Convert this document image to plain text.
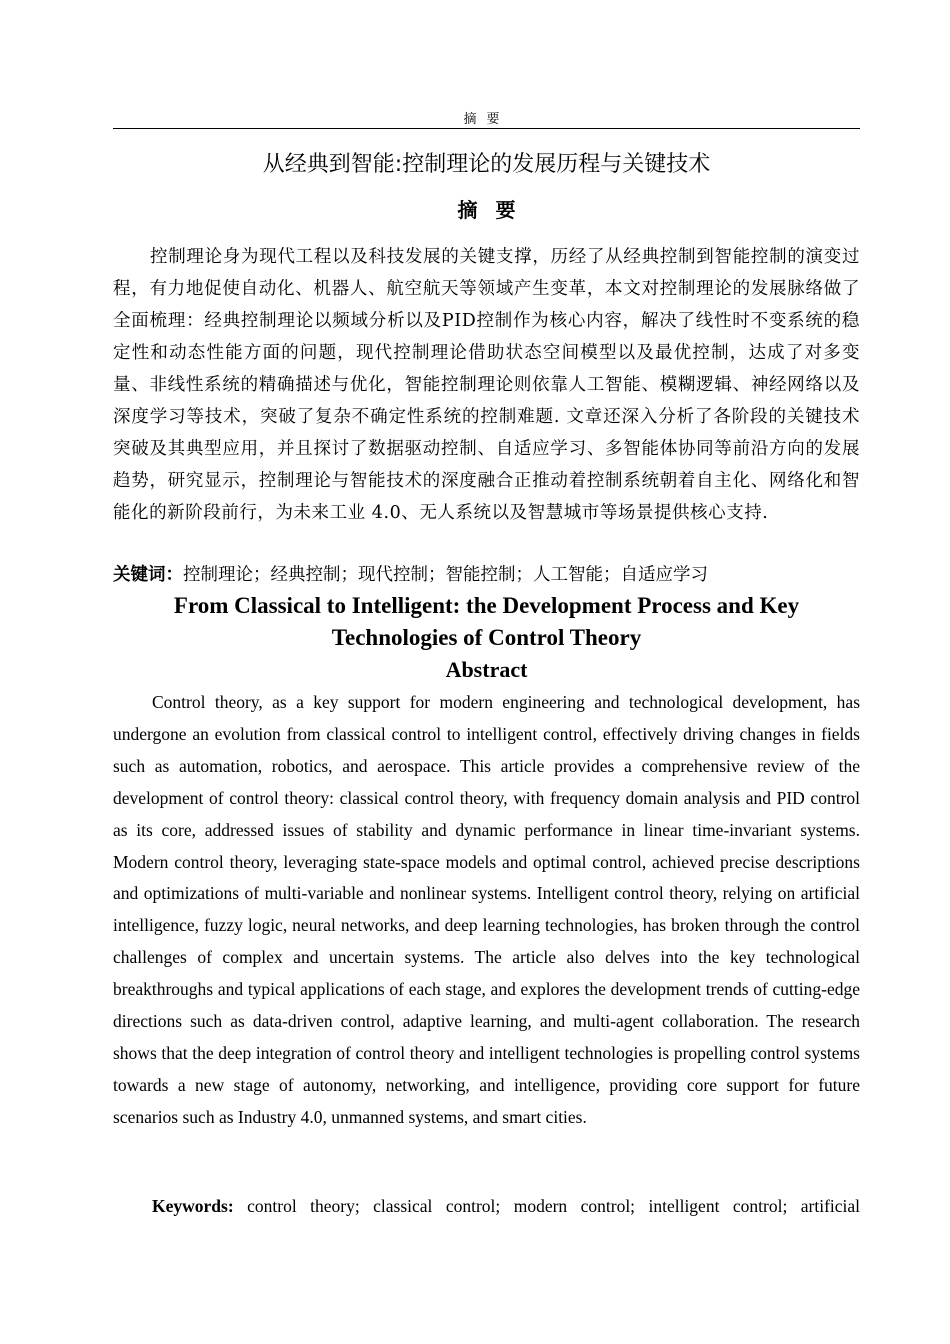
摘要
从经典到智能:控制理论的发展历程与关键技术
摘要

控制理论身为现代工程以及科技发展的关键支撑，历经了从经典控制到智能控制的演变过程，有力地促使自动化、机器人、航空航天等领域产生变革，本文对控制理论的发展脉络做了全面梳理：经典控制理论以频域分析以及PID控制作为核心内容，解决了线性时不变系统的稳定性和动态性能方面的问题，现代控制理论借助状态空间模型以及最优控制，达成了对多变量、非线性系统的精确描述与优化，智能控制理论则依靠人工智能、模糊逻辑、神经网络以及深度学习等技术，突破了复杂不确定性系统的控制难题. 文章还深入分析了各阶段的关键技术突破及其典型应用，并且探讨了数据驱动控制、自适应学习、多智能体协同等前沿方向的发展趋势，研究显示，控制理论与智能技术的深度融合正推动着控制系统朝着自主化、网络化和智能化的新阶段前行，为未来工业 4.0、无人系统以及智慧城市等场景提供核心支持.

关键词：控制理论；经典控制；现代控制；智能控制；人工智能；自适应学习
From Classical to Intelligent: the Development Process and Key Technologies of Control Theory
Abstract

Control theory, as a key support for modern engineering and technological development, has undergone an evolution from classical control to intelligent control, effectively driving changes in fields such as automation, robotics, and aerospace. This article provides a comprehensive review of the development of control theory: classical control theory, with frequency domain analysis and PID control as its core, addressed issues of stability and dynamic performance in linear time-invariant systems. Modern control theory, leveraging state-space models and optimal control, achieved precise descriptions and optimizations of multi-variable and nonlinear systems. Intelligent control theory, relying on artificial intelligence, fuzzy logic, neural networks, and deep learning technologies, has broken through the control challenges of complex and uncertain systems. The article also delves into the key technological breakthroughs and typical applications of each stage, and explores the development trends of cutting-edge directions such as data-driven control, adaptive learning, and multi-agent collaboration. The research shows that the deep integration of control theory and intelligent technologies is propelling control systems towards a new stage of autonomy, networking, and intelligence, providing core support for future scenarios such as Industry 4.0, unmanned systems, and smart cities.

Keywords: control theory; classical control; modern control; intelligent control; artificial
